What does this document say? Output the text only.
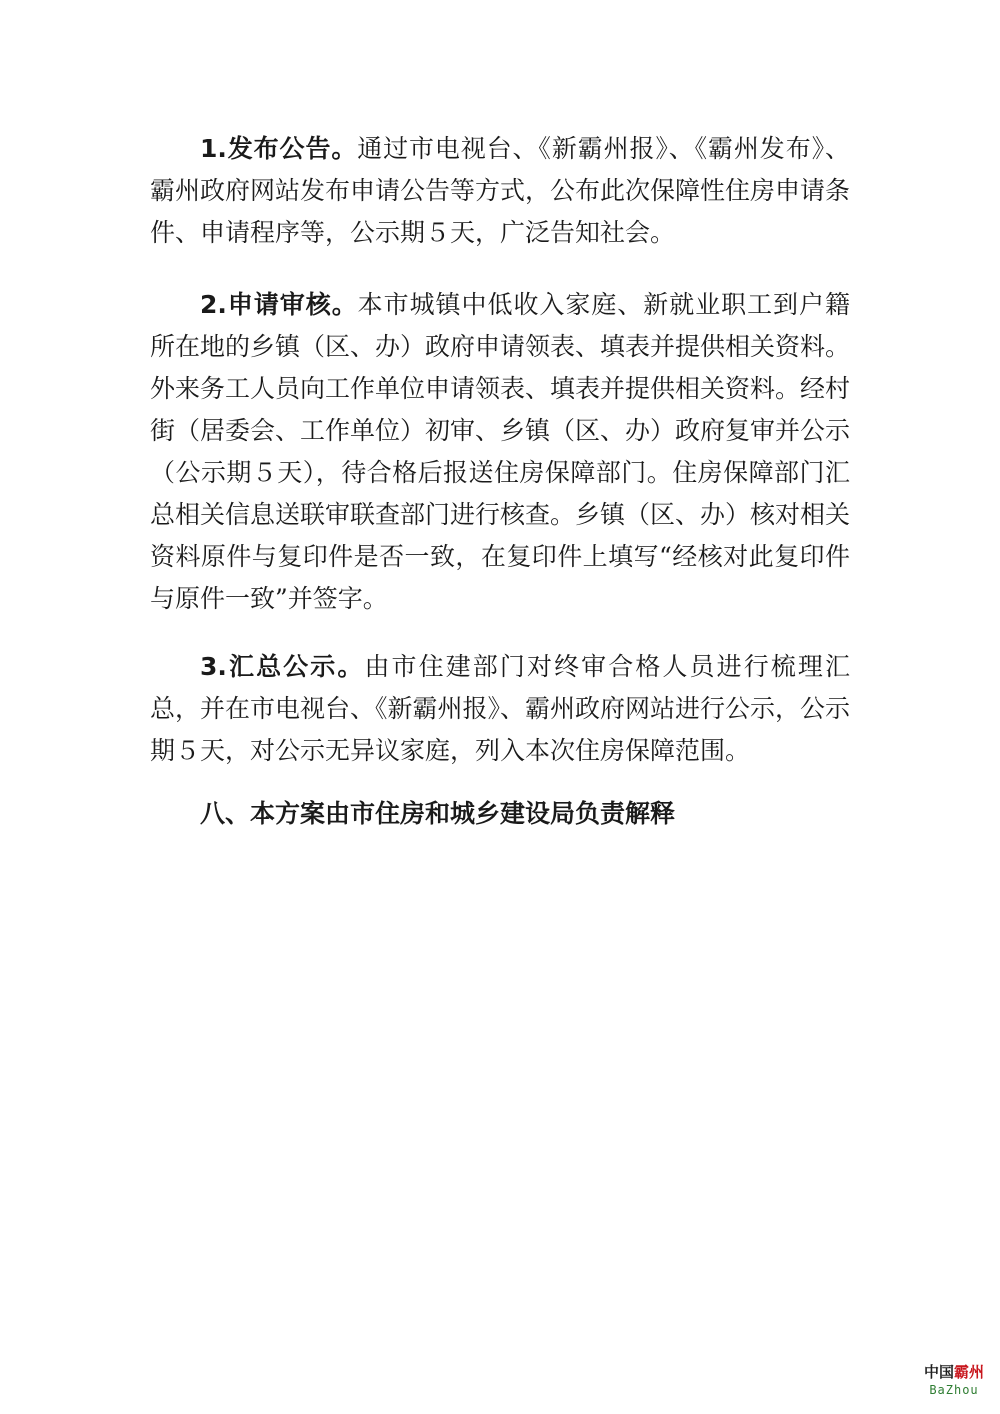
1.发布公告。通过市电视台、《新霸州报》、《霸州发布》、霸州政府网站发布申请公告等方式，公布此次保障性住房申请条件、申请程序等，公示期５天，广泛告知社会。

2.申请审核。本市城镇中低收入家庭、新就业职工到户籍所在地的乡镇（区、办）政府申请领表、填表并提供相关资料。外来务工人员向工作单位申请领表、填表并提供相关资料。经村街（居委会、工作单位）初审、乡镇（区、办）政府复审并公示（公示期５天），待合格后报送住房保障部门。住房保障部门汇总相关信息送联审联查部门进行核查。乡镇（区、办）核对相关资料原件与复印件是否一致，在复印件上填写“经核对此复印件与原件一致”并签字。

3.汇总公示。由市住建部门对终审合格人员进行梳理汇总，并在市电视台、《新霸州报》、霸州政府网站进行公示，公示期５天，对公示无异议家庭，列入本次住房保障范围。

八、本方案由市住房和城乡建设局负责解释

中国霸州
BaZhou
